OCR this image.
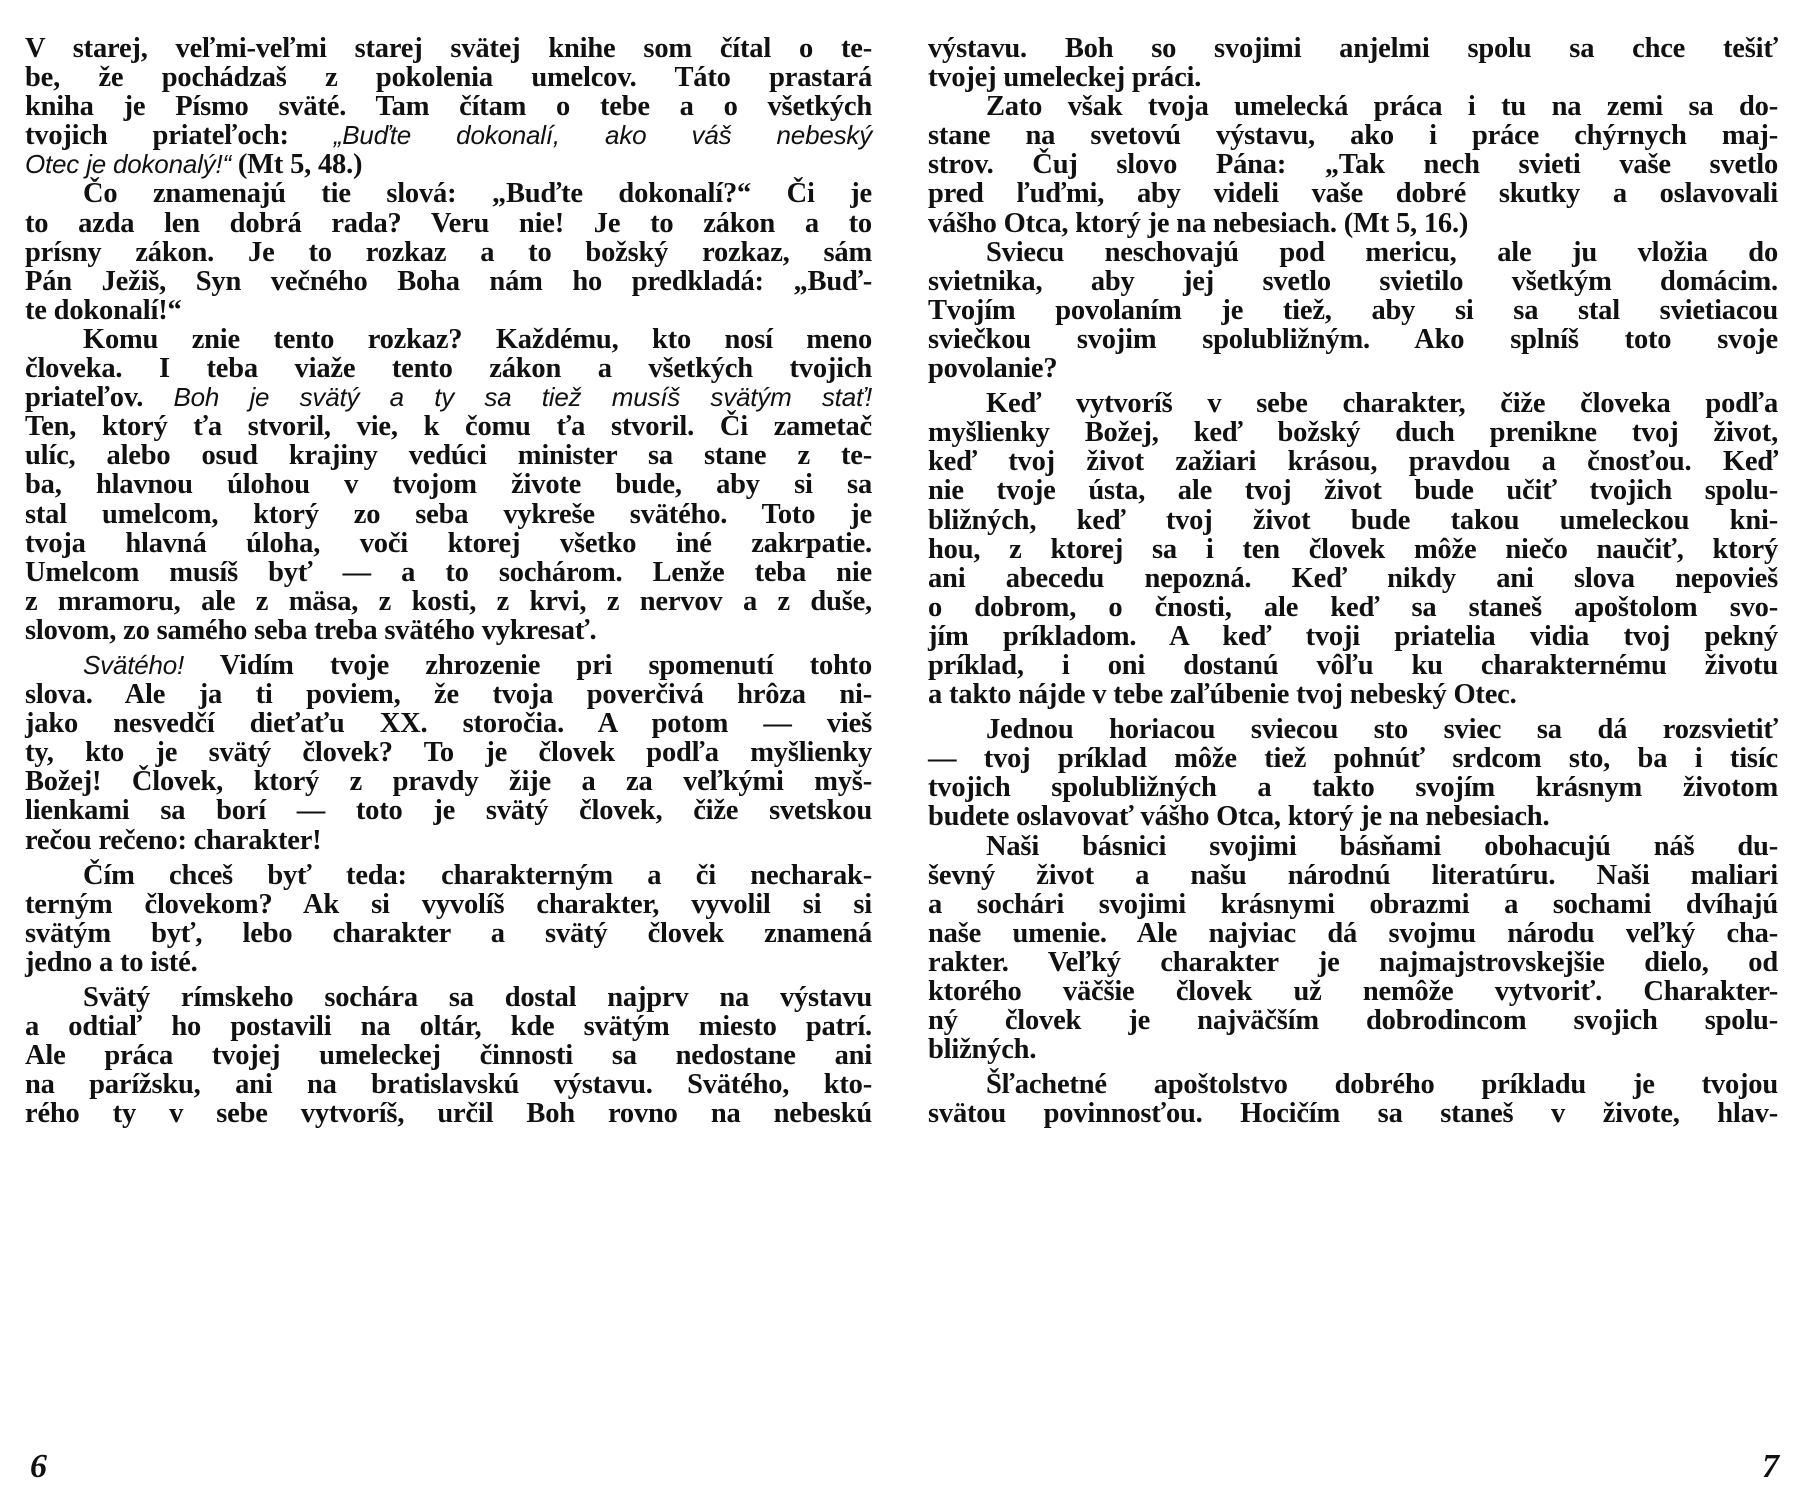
V starej, veľmi-veľmi starej svätej knihe som čítal o te-
be, že pochádzaš z pokolenia umelcov. Táto prastará
kniha je Písmo sväté. Tam čítam o tebe a o všetkých
tvojich priateľoch: „Buďte dokonalí, ako váš nebeský
Otec je dokonalý!“ (Mt 5, 48.)
Čo znamenajú tie slová: „Buďte dokonalí?“ Či je
to azda len dobrá rada? Veru nie! Je to zákon a to
prísny zákon. Je to rozkaz a to božský rozkaz, sám
Pán Ježiš, Syn večného Boha nám ho predkladá: „Buď-
te dokonalí!“
Komu znie tento rozkaz? Každému, kto nosí meno
človeka. I teba viaže tento zákon a všetkých tvojich
priateľov. Boh je svätý a ty sa tiež musíš svätým stať!
Ten, ktorý ťa stvoril, vie, k čomu ťa stvoril. Či zametač
ulíc, alebo osud krajiny vedúci minister sa stane z te-
ba, hlavnou úlohou v tvojom živote bude, aby si sa
stal umelcom, ktorý zo seba vykreše svätého. Toto je
tvoja hlavná úloha, voči ktorej všetko iné zakrpatie.
Umelcom musíš byť — a to sochárom. Lenže teba nie
z mramoru, ale z mäsa, z kosti, z krvi, z nervov a z duše,
slovom, zo samého seba treba svätého vykresať.
Svätého! Vidím tvoje zhrozenie pri spomenutí tohto
slova. Ale ja ti poviem, že tvoja poverčivá hrôza ni-
jako nesvedčí dieťaťu XX. storočia. A potom — vieš
ty, kto je svätý človek? To je človek podľa myšlienky
Božej! Človek, ktorý z pravdy žije a za veľkými myš-
lienkami sa borí — toto je svätý človek, čiže svetskou
rečou rečeno: charakter!
Čím chceš byť teda: charakterným a či necharak-
terným človekom? Ak si vyvolíš charakter, vyvolil si si
svätým byť, lebo charakter a svätý človek znamená
jedno a to isté.
Svätý rímskeho sochára sa dostal najprv na výstavu
a odtiaľ ho postavili na oltár, kde svätým miesto patrí.
Ale práca tvojej umeleckej činnosti sa nedostane ani
na parížsku, ani na bratislavskú výstavu. Svätého, kto-
rého ty v sebe vytvoríš, určil Boh rovno na nebeskú
6
výstavu. Boh so svojimi anjelmi spolu sa chce tešiť
tvojej umeleckej práci.
Zato však tvoja umelecká práca i tu na zemi sa do-
stane na svetovú výstavu, ako i práce chýrnych maj-
strov. Čuj slovo Pána: „Tak nech svieti vaše svetlo
pred ľuďmi, aby videli vaše dobré skutky a oslavovali
vášho Otca, ktorý je na nebesiach. (Mt 5, 16.)
Sviecu neschovajú pod mericu, ale ju vložia do
svietnika, aby jej svetlo svietilo všetkým domácim.
Tvojím povolaním je tiež, aby si sa stal svietiacou
sviečkou svojim spolubližným. Ako splníš toto svoje
povolanie?
Keď vytvoríš v sebe charakter, čiže človeka podľa
myšlienky Božej, keď božský duch prenikne tvoj život,
keď tvoj život zažiari krásou, pravdou a čnosťou. Keď
nie tvoje ústa, ale tvoj život bude učiť tvojich spolu-
bližných, keď tvoj život bude takou umeleckou kni-
hou, z ktorej sa i ten človek môže niečo naučiť, ktorý
ani abecedu nepozná. Keď nikdy ani slova nepovieš
o dobrom, o čnosti, ale keď sa staneš apoštolom svo-
jím príkladom. A keď tvoji priatelia vidia tvoj pekný
príklad, i oni dostanú vôľu ku charakternému životu
a takto nájde v tebe zaľúbenie tvoj nebeský Otec.
Jednou horiacou sviecou sto sviec sa dá rozsvietiť
— tvoj príklad môže tiež pohnúť srdcom sto, ba i tisíc
tvojich spolubližných a takto svojím krásnym životom
budete oslavovať vášho Otca, ktorý je na nebesiach.
Naši básnici svojimi básňami obohacujú náš du-
ševný život a našu národnú literatúru. Naši maliari
a sochári svojimi krásnymi obrazmi a sochami dvíhajú
naše umenie. Ale najviac dá svojmu národu veľký cha-
rakter. Veľký charakter je najmajstrovskejšie dielo, od
ktorého väčšie človek už nemôže vytvoriť. Charakter-
ný človek je najväčším dobrodincom svojich spolu-
bližných.
Šľachetné apoštolstvo dobrého príkladu je tvojou
svätou povinnosťou. Hocičím sa staneš v živote, hlav-
7
